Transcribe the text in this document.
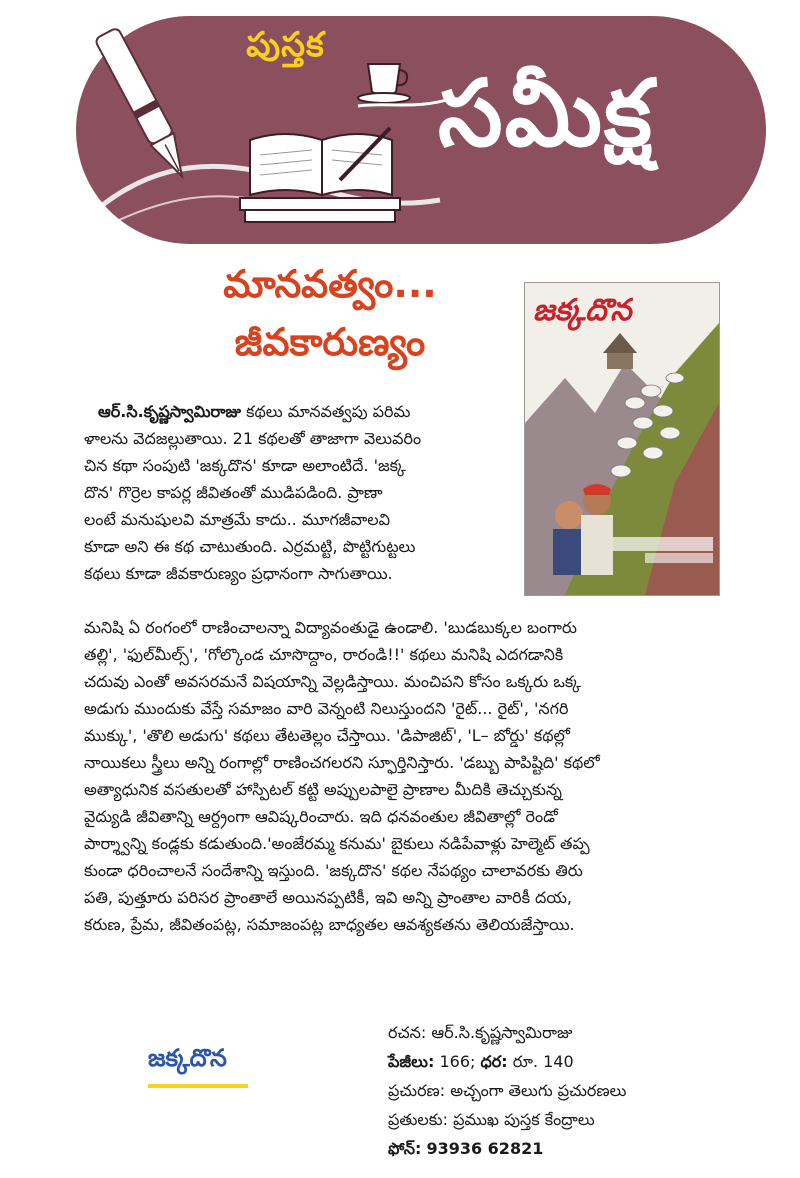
పుస్తక
సమీక్ష
మానవత్వం...
జీవకారుణ్యం
జక్కదొన
ఆర్.సి.కృష్ణస్వామిరాజు కథలు మానవత్వపు పరిమ
ళాలను వెదజల్లుతాయి. 21 కథలతో తాజాగా వెలువరిం
చిన కథా సంపుటి 'జక్కదొన' కూడా అలాంటిదే. 'జక్క
దొన' గొర్రెల కాపర్ల జీవితంతో ముడిపడింది. ప్రాణా
లంటే మనుషులవి మాత్రమే కాదు.. మూగజీవాలవి
కూడా అని ఈ కథ చాటుతుంది. ఎర్రమట్టి, పొట్టిగుట్టలు
కథలు కూడా జీవకారుణ్యం ప్రధానంగా సాగుతాయి.
మనిషి ఏ రంగంలో రాణించాలన్నా విద్యావంతుడై ఉండాలి. 'బుడబుక్కల బంగారు
తల్లి', 'ఫుల్‌మీల్స్', 'గోల్కొండ చూసొద్దాం, రారండి!!' కథలు మనిషి ఎదగడానికి
చదువు ఎంతో అవసరమనే విషయాన్ని వెల్లడిస్తాయి. మంచిపని కోసం ఒక్కరు ఒక్క
అడుగు ముందుకు వేస్తే సమాజం వారి వెన్నంటి నిలుస్తుందని 'రైట్... రైట్', 'నగరి
ముక్కు', 'తొలి అడుగు' కథలు తేటతెల్లం చేస్తాయి. 'డిపాజిట్', 'L– బోర్డు' కథల్లో
నాయికలు స్త్రీలు అన్ని రంగాల్లో రాణించగలరని స్ఫూర్తినిస్తారు. 'డబ్బు పాపిష్టిది' కథలో
అత్యాధునిక వసతులతో హాస్పిటల్ కట్టి అప్పులపాలై ప్రాణాల మీదికి తెచ్చుకున్న
వైద్యుడి జీవితాన్ని ఆర్ద్రంగా ఆవిష్కరించారు. ఇది ధనవంతుల జీవితాల్లో రెండో
పార్శ్వాన్ని కండ్లకు కడుతుంది.'అంజేరమ్మ కనుమ' బైకులు నడిపేవాళ్లు హెల్మెట్ తప్ప
కుండా ధరించాలనే సందేశాన్ని ఇస్తుంది. 'జక్కదొన' కథల నేపథ్యం చాలావరకు తిరు
పతి, పుత్తూరు పరిసర ప్రాంతాలే అయినప్పటికీ, ఇవి అన్ని ప్రాంతాల వారికీ దయ,
కరుణ, ప్రేమ, జీవితంపట్ల, సమాజంపట్ల బాధ్యతల ఆవశ్యకతను తెలియజేస్తాయి.
జక్కదొన
రచన: ఆర్.సి.కృష్ణస్వామిరాజు
పేజీలు: 166; ధర: రూ. 140
ప్రచురణ: అచ్చంగా తెలుగు ప్రచురణలు
ప్రతులకు: ప్రముఖ పుస్తక కేంద్రాలు
ఫోన్: 93936 62821
